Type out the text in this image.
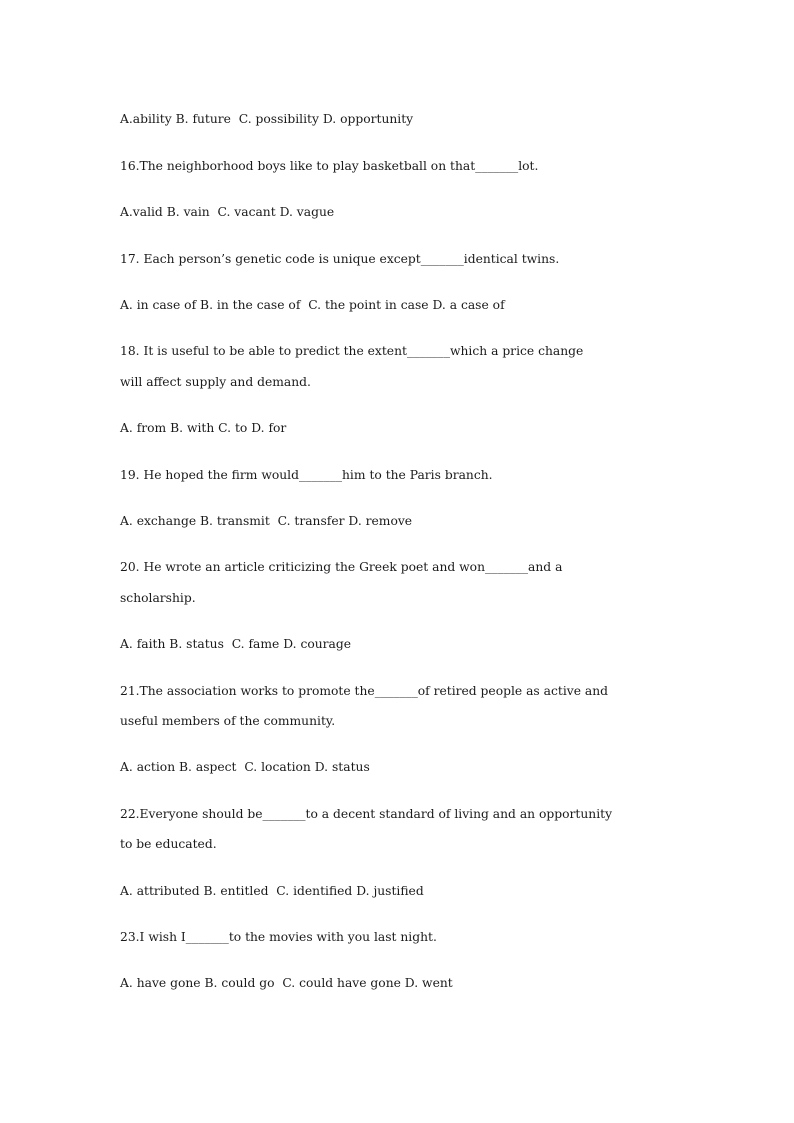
A.ability B. future  C. possibility D. opportunity
16.The neighborhood boys like to play basketball on that_______lot.
A.valid B. vain  C. vacant D. vague
17. Each person’s genetic code is unique except_______identical twins.
A. in case of B. in the case of  C. the point in case D. a case of
18. It is useful to be able to predict the extent_______which a price change
will affect supply and demand.
A. from B. with C. to D. for
19. He hoped the firm would_______him to the Paris branch.
A. exchange B. transmit  C. transfer D. remove
20. He wrote an article criticizing the Greek poet and won_______and a
scholarship.
A. faith B. status  C. fame D. courage
21.The association works to promote the_______of retired people as active and
useful members of the community.
A. action B. aspect  C. location D. status
22.Everyone should be_______to a decent standard of living and an opportunity
to be educated.
A. attributed B. entitled  C. identified D. justified
23.I wish I_______to the movies with you last night.
A. have gone B. could go  C. could have gone D. went
